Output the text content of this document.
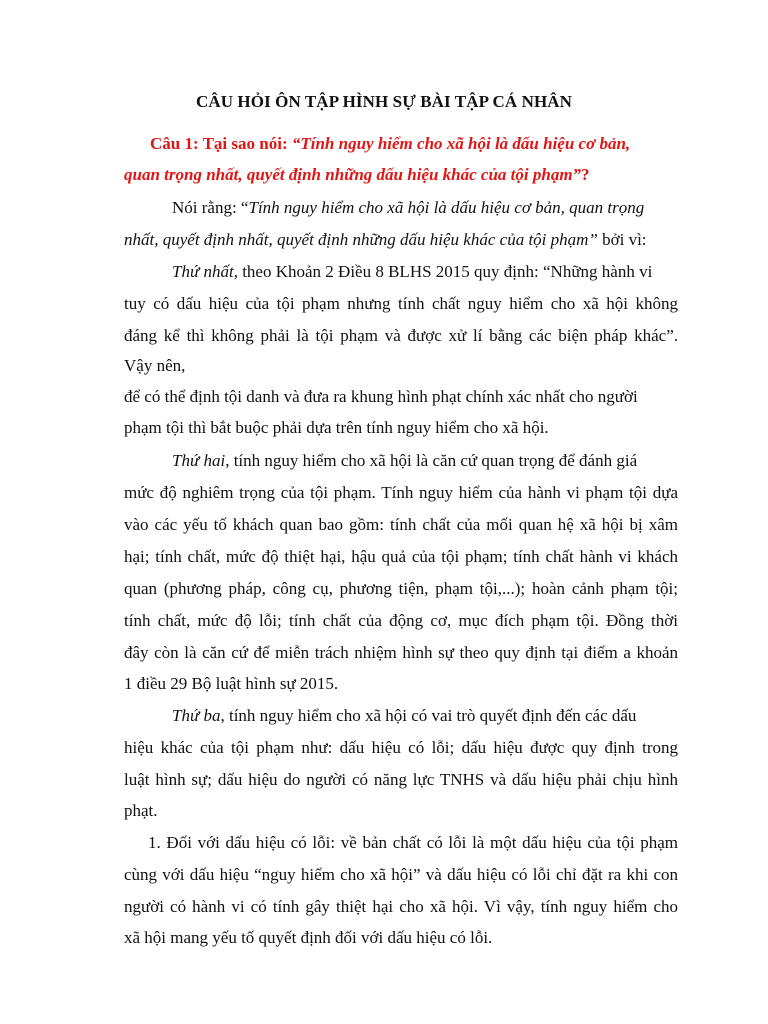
CÂU HỎI ÔN TẬP HÌNH SỰ BÀI TẬP CÁ NHÂN
Câu 1: Tại sao nói: “Tính nguy hiểm cho xã hội là dấu hiệu cơ bản,
quan trọng nhất, quyết định những dấu hiệu khác của tội phạm”?
Nói rằng: “Tính nguy hiểm cho xã hội là dấu hiệu cơ bản, quan trọng
nhất, quyết định nhất, quyết định những dấu hiệu khác của tội phạm” bởi vì:
Thứ nhất, theo Khoản 2 Điều 8 BLHS 2015 quy định: “Những hành vi
tuy có dấu hiệu của tội phạm nhưng tính chất nguy hiểm cho xã hội không
đáng kể thì không phải là tội phạm và được xử lí bằng các biện pháp khác”.
Vậy nên,
để có thể định tội danh và đưa ra khung hình phạt chính xác nhất cho người
phạm tội thì bắt buộc phải dựa trên tính nguy hiểm cho xã hội.
Thứ hai, tính nguy hiểm cho xã hội là căn cứ quan trọng để đánh giá
mức độ nghiêm trọng của tội phạm. Tính nguy hiểm của hành vi phạm tội dựa
vào các yếu tố khách quan bao gồm: tính chất của mối quan hệ xã hội bị xâm
hại; tính chất, mức độ thiệt hại, hậu quả của tội phạm; tính chất hành vi khách
quan (phương pháp, công cụ, phương tiện, phạm tội,...); hoàn cảnh phạm tội;
tính chất, mức độ lỗi; tính chất của động cơ, mục đích phạm tội. Đồng thời
đây còn là căn cứ để miễn trách nhiệm hình sự theo quy định tại điểm a khoản
1 điều 29 Bộ luật hình sự 2015.
Thứ ba, tính nguy hiểm cho xã hội có vai trò quyết định đến các dấu
hiệu khác của tội phạm như: dấu hiệu có lỗi; dấu hiệu được quy định trong
luật hình sự; dấu hiệu do người có năng lực TNHS và dấu hiệu phải chịu hình
phạt.
1. Đối với dấu hiệu có lỗi: về bản chất có lỗi là một dấu hiệu của tội phạm
cùng với dấu hiệu “nguy hiểm cho xã hội” và dấu hiệu có lỗi chỉ đặt ra khi con
người có hành vi có tính gây thiệt hại cho xã hội. Vì vậy, tính nguy hiểm cho
xã hội mang yếu tố quyết định đối với dấu hiệu có lỗi.
